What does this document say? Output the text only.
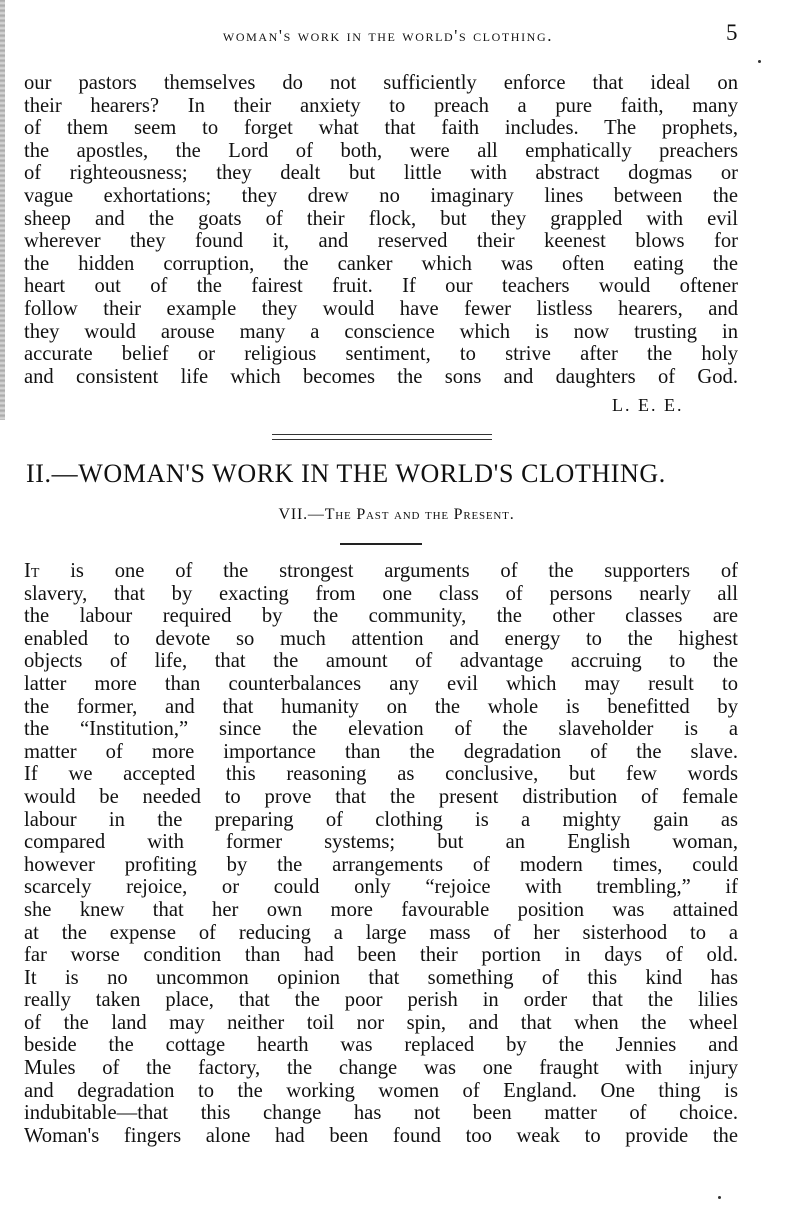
woman's work in the world's clothing.	5
our pastors themselves do not sufficiently enforce that ideal on
their hearers? In their anxiety to preach a pure faith, many
of them seem to forget what that faith includes. The prophets,
the apostles, the Lord of both, were all emphatically preachers
of righteousness; they dealt but little with abstract dogmas or
vague exhortations; they drew no imaginary lines between the
sheep and the goats of their flock, but they grappled with evil
wherever they found it, and reserved their keenest blows for
the hidden corruption, the canker which was often eating the
heart out of the fairest fruit. If our teachers would oftener
follow their example they would have fewer listless hearers, and
they would arouse many a conscience which is now trusting in
accurate belief or religious sentiment, to strive after the holy
and consistent life which becomes the sons and daughters of God.
L. E. E.
II.—WOMAN'S WORK IN THE WORLD'S CLOTHING.
VII.—The Past and the Present.
It is one of the strongest arguments of the supporters of
slavery, that by exacting from one class of persons nearly all
the labour required by the community, the other classes are
enabled to devote so much attention and energy to the highest
objects of life, that the amount of advantage accruing to the
latter more than counterbalances any evil which may result to
the former, and that humanity on the whole is benefitted by
the “Institution,” since the elevation of the slaveholder is a
matter of more importance than the degradation of the slave.
If we accepted this reasoning as conclusive, but few words
would be needed to prove that the present distribution of female
labour in the preparing of clothing is a mighty gain as
compared with former systems; but an English woman,
however profiting by the arrangements of modern times, could
scarcely rejoice, or could only “rejoice with trembling,” if
she knew that her own more favourable position was attained
at the expense of reducing a large mass of her sisterhood to a
far worse condition than had been their portion in days of old.
It is no uncommon opinion that something of this kind has
really taken place, that the poor perish in order that the lilies
of the land may neither toil nor spin, and that when the wheel
beside the cottage hearth was replaced by the Jennies and
Mules of the factory, the change was one fraught with injury
and degradation to the working women of England. One thing is
indubitable—that this change has not been matter of choice.
Woman's fingers alone had been found too weak to provide the
